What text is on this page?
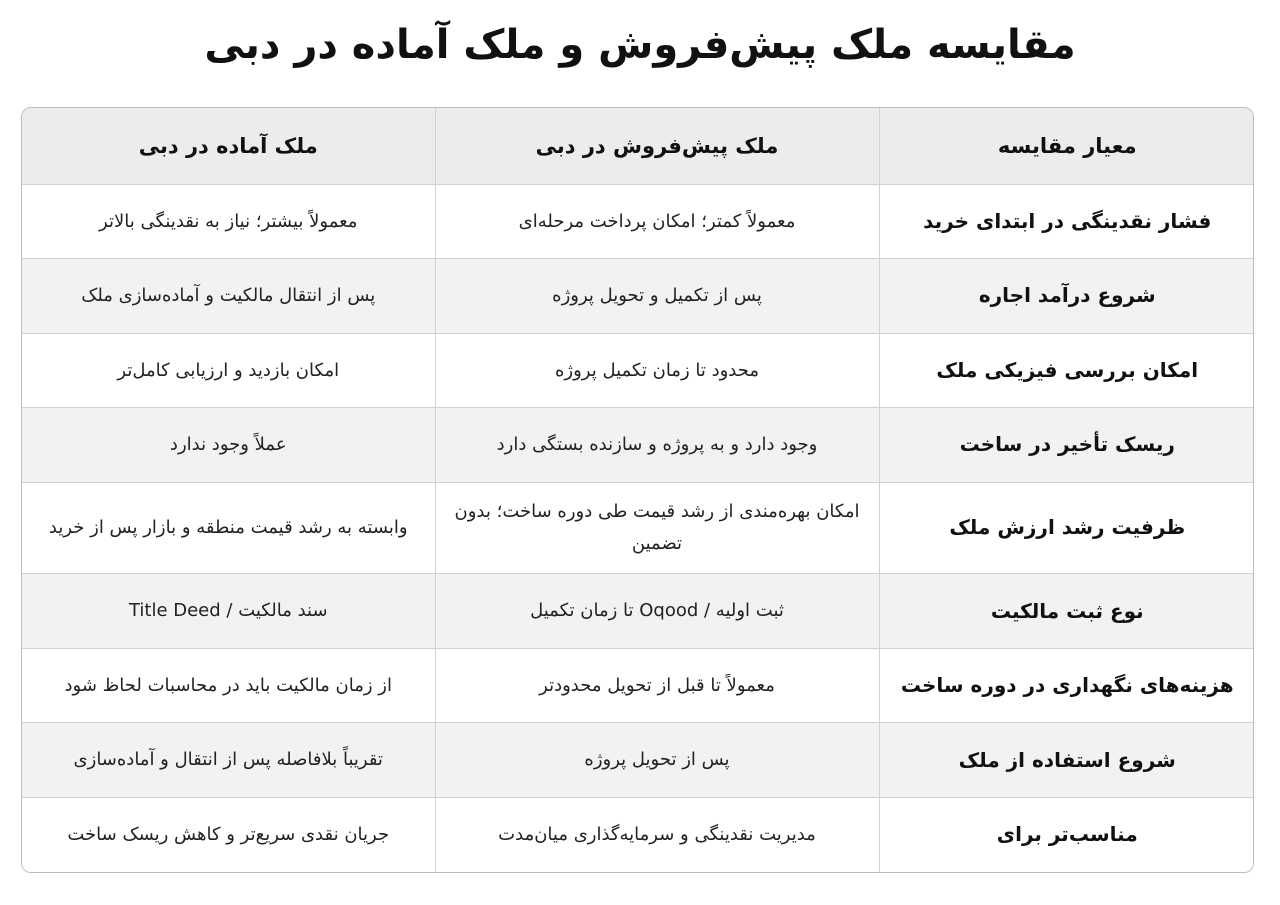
مقایسه ملک پیش‌فروش و ملک آماده در دبی
معیار مقایسه	ملک پیش‌فروش در دبی	ملک آماده در دبی
فشار نقدینگی در ابتدای خرید	معمولاً کمتر؛ امکان پرداخت مرحله‌ای	معمولاً بیشتر؛ نیاز به نقدینگی بالاتر
شروع درآمد اجاره	پس از تکمیل و تحویل پروژه	پس از انتقال مالکیت و آماده‌سازی ملک
امکان بررسی فیزیکی ملک	محدود تا زمان تکمیل پروژه	امکان بازدید و ارزیابی کامل‌تر
ریسک تأخیر در ساخت	وجود دارد و به پروژه و سازنده بستگی دارد	عملاً وجود ندارد
ظرفیت رشد ارزش ملک	امکان بهره‌مندی از رشد قیمت طی دوره ساخت؛ بدون تضمین	وابسته به رشد قیمت منطقه و بازار پس از خرید
نوع ثبت مالکیت	ثبت اولیه / Oqood تا زمان تکمیل	سند مالکیت / Title Deed
هزینه‌های نگهداری در دوره ساخت	معمولاً تا قبل از تحویل محدودتر	از زمان مالکیت باید در محاسبات لحاظ شود
شروع استفاده از ملک	پس از تحویل پروژه	تقریباً بلافاصله پس از انتقال و آماده‌سازی
مناسب‌تر برای	مدیریت نقدینگی و سرمایه‌گذاری میان‌مدت	جریان نقدی سریع‌تر و کاهش ریسک ساخت
